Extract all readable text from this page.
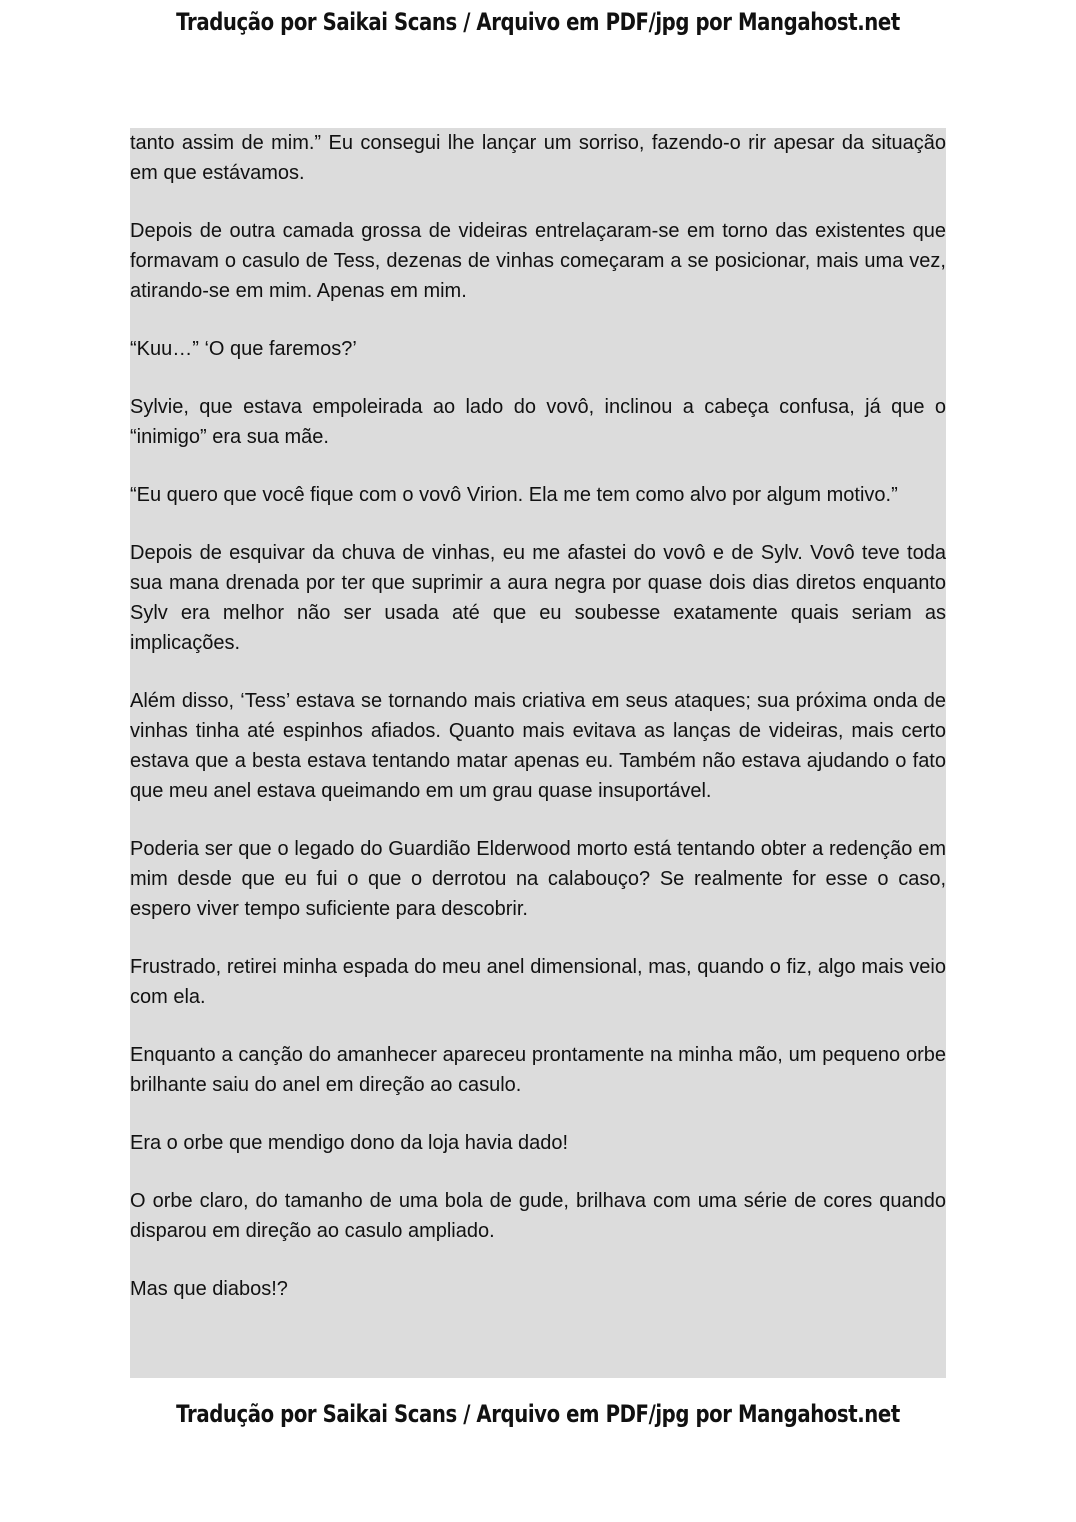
Tradução por Saikai Scans / Arquivo em PDF/jpg por Mangahost.net

tanto assim de mim.” Eu consegui lhe lançar um sorriso, fazendo-o rir apesar da situação em que estávamos.

Depois de outra camada grossa de videiras entrelaçaram-se em torno das existentes que formavam o casulo de Tess, dezenas de vinhas começaram a se posicionar, mais uma vez, atirando-se em mim. Apenas em mim.

“Kuu…” ‘O que faremos?’

Sylvie, que estava empoleirada ao lado do vovô, inclinou a cabeça confusa, já que o “inimigo” era sua mãe.

“Eu quero que você fique com o vovô Virion. Ela me tem como alvo por algum motivo.”

Depois de esquivar da chuva de vinhas, eu me afastei do vovô e de Sylv. Vovô teve toda sua mana drenada por ter que suprimir a aura negra por quase dois dias diretos enquanto Sylv era melhor não ser usada até que eu soubesse exatamente quais seriam as implicações.

Além disso, ‘Tess’ estava se tornando mais criativa em seus ataques; sua próxima onda de vinhas tinha até espinhos afiados. Quanto mais evitava as lanças de videiras, mais certo estava que a besta estava tentando matar apenas eu. Também não estava ajudando o fato que meu anel estava queimando em um grau quase insuportável.

Poderia ser que o legado do Guardião Elderwood morto está tentando obter a redenção em mim desde que eu fui o que o derrotou na calabouço? Se realmente for esse o caso, espero viver tempo suficiente para descobrir.

Frustrado, retirei minha espada do meu anel dimensional, mas, quando o fiz, algo mais veio com ela.

Enquanto a canção do amanhecer apareceu prontamente na minha mão, um pequeno orbe brilhante saiu do anel em direção ao casulo.

Era o orbe que mendigo dono da loja havia dado!

O orbe claro, do tamanho de uma bola de gude, brilhava com uma série de cores quando disparou em direção ao casulo ampliado.

Mas que diabos!?

Tradução por Saikai Scans / Arquivo em PDF/jpg por Mangahost.net
